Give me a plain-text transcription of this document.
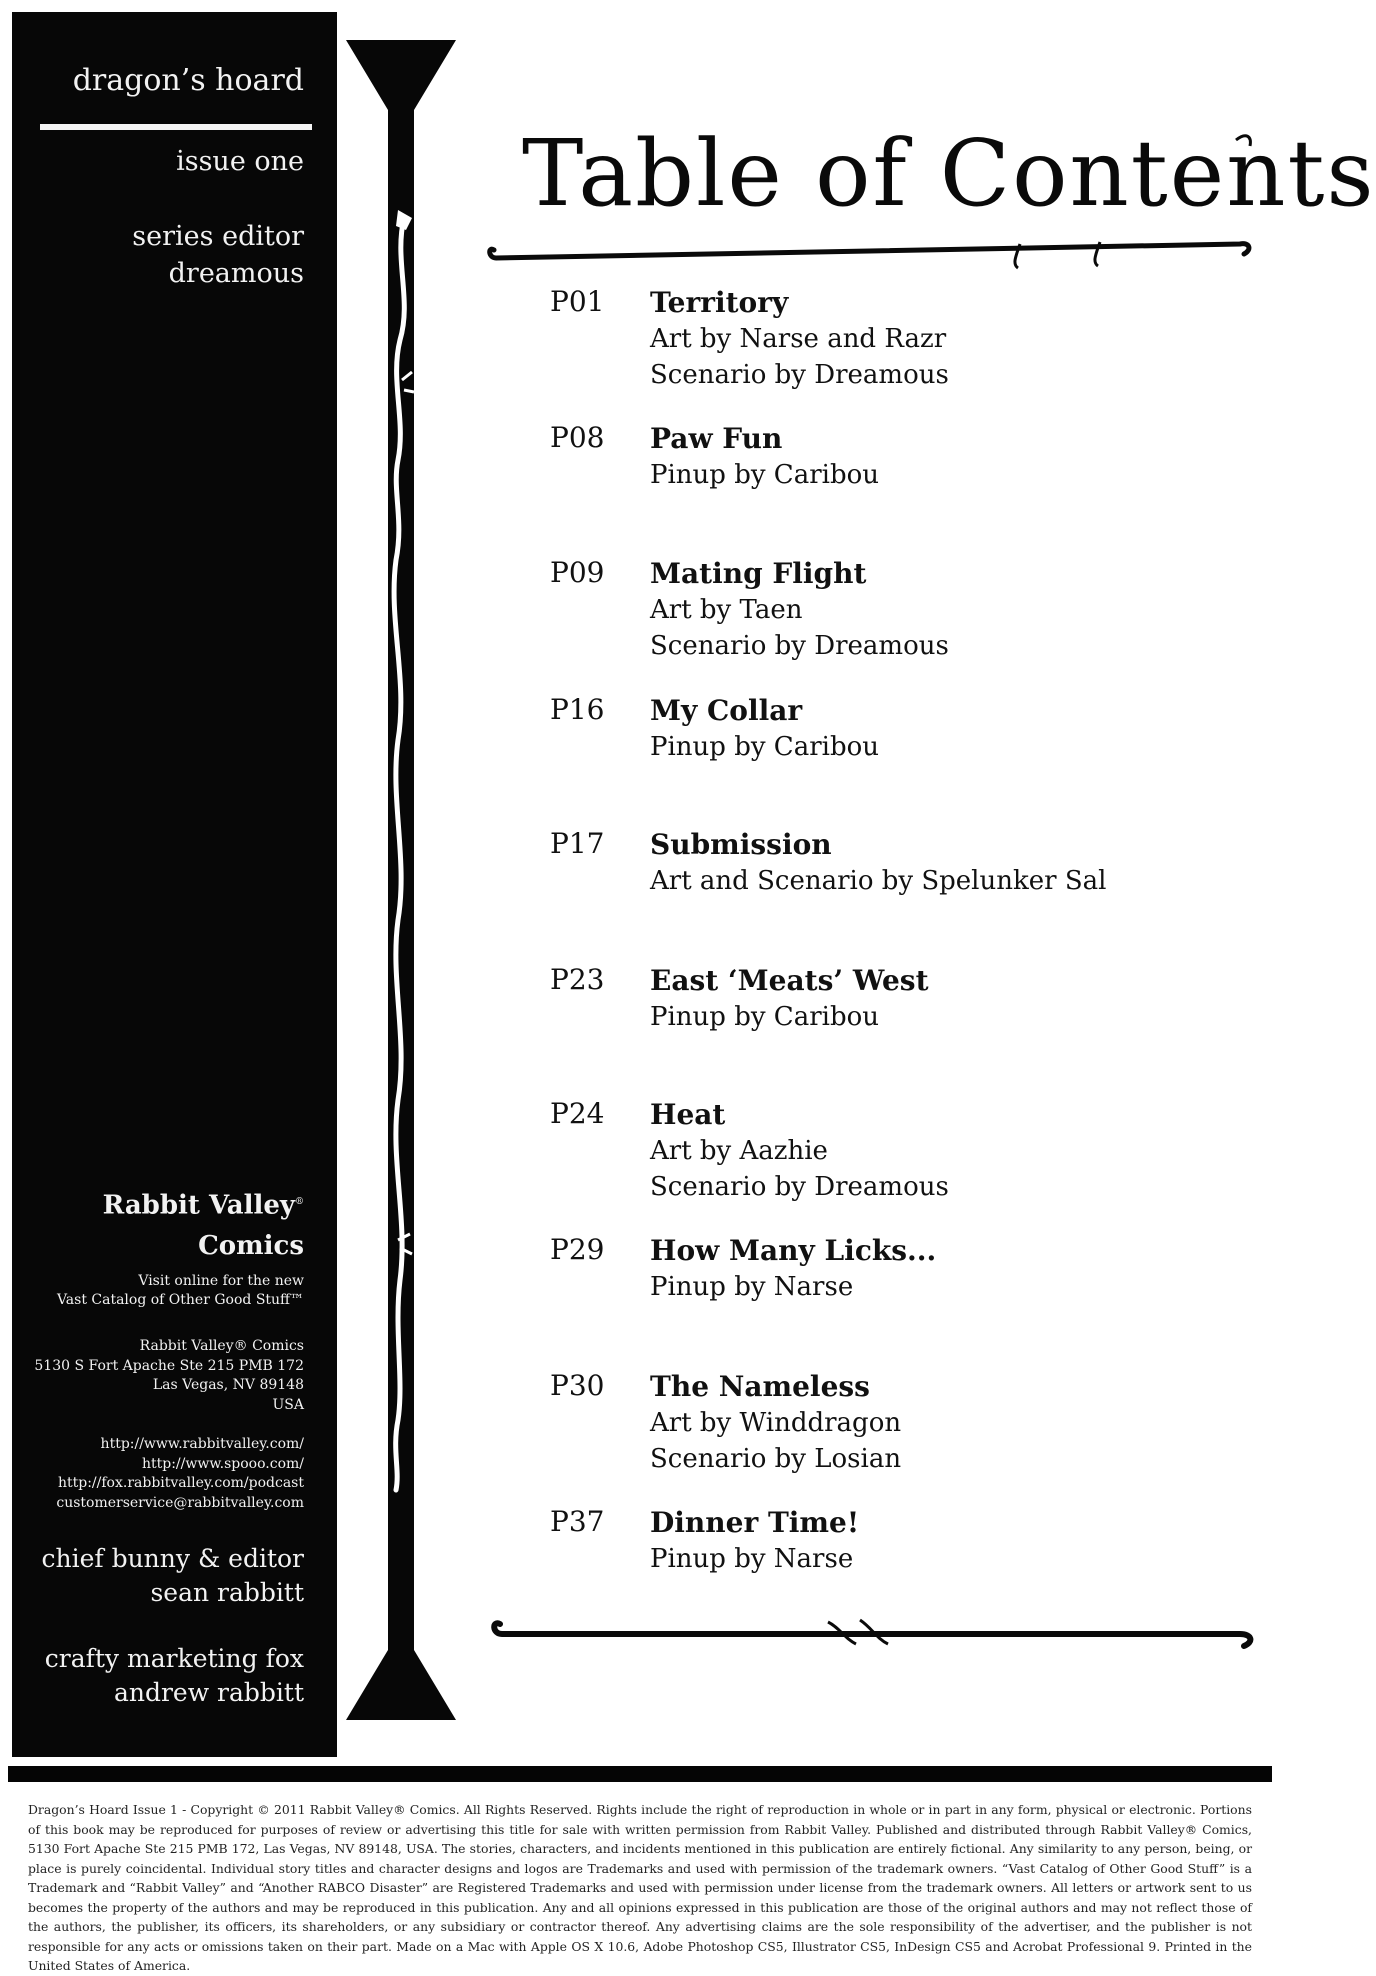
dragon’s hoard
issue one
series editor
dreamous
Rabbit Valley®
Comics
Visit online for the new
Vast Catalog of Other Good Stuff™
Rabbit Valley® Comics
5130 S Fort Apache Ste 215 PMB 172
Las Vegas, NV 89148
USA
http://www.rabbitvalley.com/
http://www.spooo.com/
http://fox.rabbitvalley.com/podcast
customerservice@rabbitvalley.com
chief bunny & editor
sean rabbitt
crafty marketing fox
andrew rabbitt
Table of Contents
P01 Territory
Art by Narse and Razr
Scenario by Dreamous
P08 Paw Fun
Pinup by Caribou
P09 Mating Flight
Art by Taen
Scenario by Dreamous
P16 My Collar
Pinup by Caribou
P17 Submission
Art and Scenario by Spelunker Sal
P23 East ‘Meats’ West
Pinup by Caribou
P24 Heat
Art by Aazhie
Scenario by Dreamous
P29 How Many Licks...
Pinup by Narse
P30 The Nameless
Art by Winddragon
Scenario by Losian
P37 Dinner Time!
Pinup by Narse
Dragon’s Hoard Issue 1 - Copyright © 2011 Rabbit Valley® Comics. All Rights Reserved. Rights include the right of reproduction in whole or in part in any form, physical or electronic. Portions of this book may be reproduced for purposes of review or advertising this title for sale with written permission from Rabbit Valley. Published and distributed through Rabbit Valley® Comics, 5130 Fort Apache Ste 215 PMB 172, Las Vegas, NV 89148, USA. The stories, characters, and incidents mentioned in this publication are entirely fictional. Any similarity to any person, being, or place is purely coincidental. Individual story titles and character designs and logos are Trademarks and used with permission of the trademark owners. “Vast Catalog of Other Good Stuff” is a Trademark and “Rabbit Valley” and “Another RABCO Disaster” are Registered Trademarks and used with permission under license from the trademark owners. All letters or artwork sent to us becomes the property of the authors and may be reproduced in this publication. Any and all opinions expressed in this publication are those of the original authors and may not reflect those of the authors, the publisher, its officers, its shareholders, or any subsidiary or contractor thereof. Any advertising claims are the sole responsibility of the advertiser, and the publisher is not responsible for any acts or omissions taken on their part. Made on a Mac with Apple OS X 10.6, Adobe Photoshop CS5, Illustrator CS5, InDesign CS5 and Acrobat Professional 9. Printed in the United States of America.
